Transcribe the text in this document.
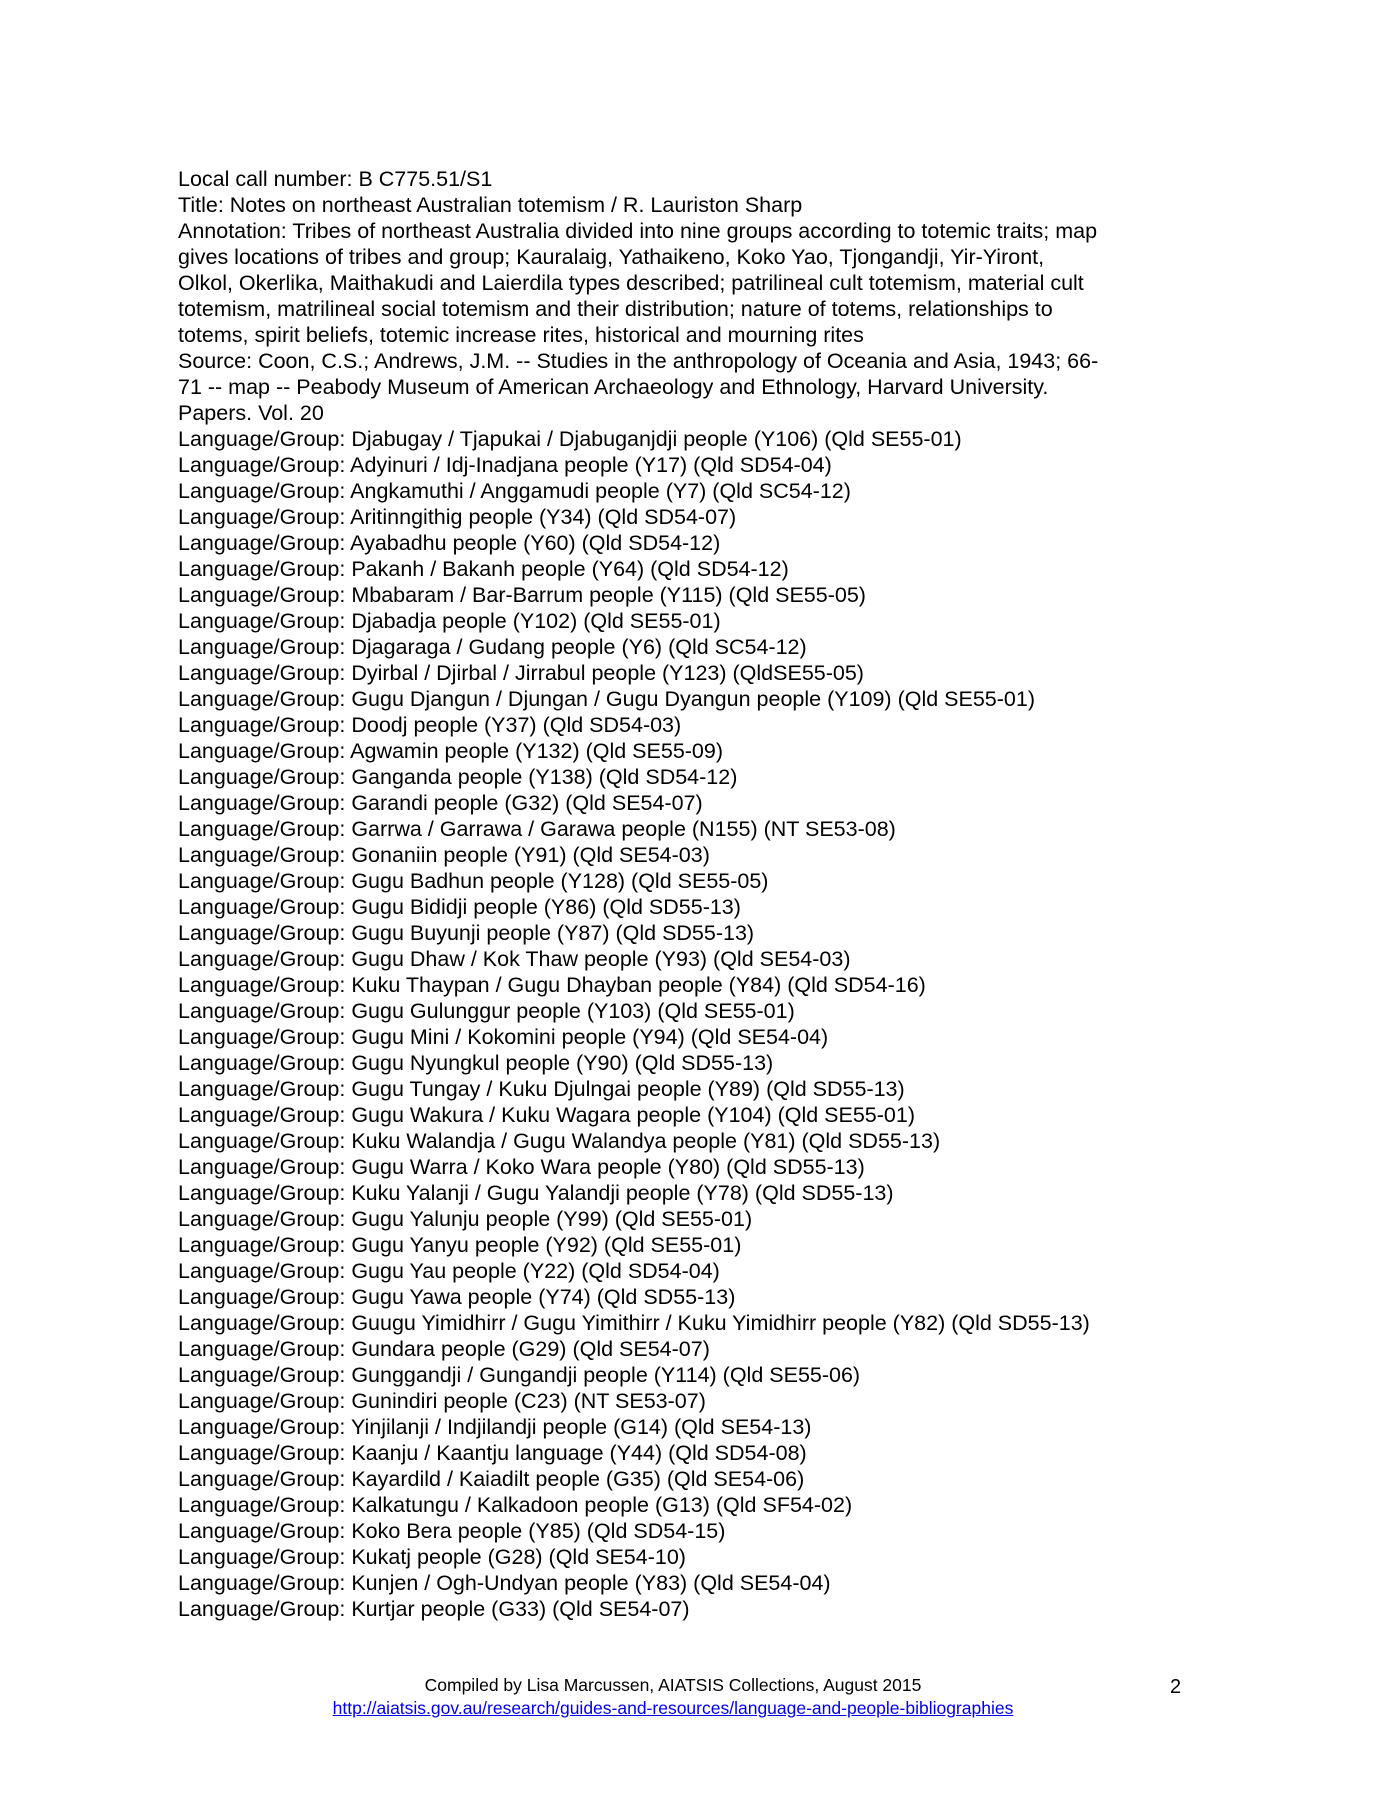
Local call number: B C775.51/S1
Title: Notes on northeast Australian totemism / R. Lauriston Sharp
Annotation: Tribes of northeast Australia divided into nine groups according to totemic traits; map
gives locations of tribes and group; Kauralaig, Yathaikeno, Koko Yao, Tjongandji, Yir-Yiront,
Olkol, Okerlika, Maithakudi and Laierdila types described; patrilineal cult totemism, material cult
totemism, matrilineal social totemism and their distribution; nature of totems, relationships to
totems, spirit beliefs, totemic increase rites, historical and mourning rites
Source: Coon, C.S.; Andrews, J.M. -- Studies in the anthropology of Oceania and Asia, 1943; 66-
71 -- map -- Peabody Museum of American Archaeology and Ethnology, Harvard University.
Papers. Vol. 20
Language/Group: Djabugay / Tjapukai / Djabuganjdji people (Y106) (Qld SE55-01)
Language/Group: Adyinuri / Idj-Inadjana people (Y17) (Qld SD54-04)
Language/Group: Angkamuthi / Anggamudi people (Y7) (Qld SC54-12)
Language/Group: Aritinngithig people (Y34) (Qld SD54-07)
Language/Group: Ayabadhu people (Y60) (Qld SD54-12)
Language/Group: Pakanh / Bakanh people (Y64) (Qld SD54-12)
Language/Group: Mbabaram / Bar-Barrum people (Y115) (Qld SE55-05)
Language/Group: Djabadja people (Y102) (Qld SE55-01)
Language/Group: Djagaraga / Gudang people (Y6) (Qld SC54-12)
Language/Group: Dyirbal / Djirbal / Jirrabul people (Y123) (QldSE55-05)
Language/Group: Gugu Djangun / Djungan / Gugu Dyangun people (Y109) (Qld SE55-01)
Language/Group: Doodj people (Y37) (Qld SD54-03)
Language/Group: Agwamin people (Y132) (Qld SE55-09)
Language/Group: Ganganda people (Y138) (Qld SD54-12)
Language/Group: Garandi people (G32) (Qld SE54-07)
Language/Group: Garrwa / Garrawa / Garawa people (N155) (NT SE53-08)
Language/Group: Gonaniin people (Y91) (Qld SE54-03)
Language/Group: Gugu Badhun people (Y128) (Qld SE55-05)
Language/Group: Gugu Bididji people (Y86) (Qld SD55-13)
Language/Group: Gugu Buyunji people (Y87) (Qld SD55-13)
Language/Group: Gugu Dhaw / Kok Thaw people (Y93) (Qld SE54-03)
Language/Group: Kuku Thaypan / Gugu Dhayban people (Y84) (Qld SD54-16)
Language/Group: Gugu Gulunggur people (Y103) (Qld SE55-01)
Language/Group: Gugu Mini / Kokomini people (Y94) (Qld SE54-04)
Language/Group: Gugu Nyungkul people (Y90) (Qld SD55-13)
Language/Group: Gugu Tungay / Kuku Djulngai people (Y89) (Qld SD55-13)
Language/Group: Gugu Wakura / Kuku Wagara people (Y104) (Qld SE55-01)
Language/Group: Kuku Walandja / Gugu Walandya people (Y81) (Qld SD55-13)
Language/Group: Gugu Warra / Koko Wara people (Y80) (Qld SD55-13)
Language/Group: Kuku Yalanji / Gugu Yalandji people (Y78) (Qld SD55-13)
Language/Group: Gugu Yalunju people (Y99) (Qld SE55-01)
Language/Group: Gugu Yanyu people (Y92) (Qld SE55-01)
Language/Group: Gugu Yau people (Y22) (Qld SD54-04)
Language/Group: Gugu Yawa people (Y74) (Qld SD55-13)
Language/Group: Guugu Yimidhirr / Gugu Yimithirr / Kuku Yimidhirr people (Y82) (Qld SD55-13)
Language/Group: Gundara people (G29) (Qld SE54-07)
Language/Group: Gunggandji / Gungandji people (Y114) (Qld SE55-06)
Language/Group: Gunindiri people (C23) (NT SE53-07)
Language/Group: Yinjilanji / Indjilandji people (G14) (Qld SE54-13)
Language/Group: Kaanju / Kaantju language (Y44) (Qld SD54-08)
Language/Group: Kayardild / Kaiadilt people (G35) (Qld SE54-06)
Language/Group: Kalkatungu / Kalkadoon people (G13) (Qld SF54-02)
Language/Group: Koko Bera people (Y85) (Qld SD54-15)
Language/Group: Kukatj people (G28) (Qld SE54-10)
Language/Group: Kunjen / Ogh-Undyan people (Y83) (Qld SE54-04)
Language/Group: Kurtjar people (G33) (Qld SE54-07)
Compiled by Lisa Marcussen, AIATSIS Collections, August 2015
http://aiatsis.gov.au/research/guides-and-resources/language-and-people-bibliographies
2
